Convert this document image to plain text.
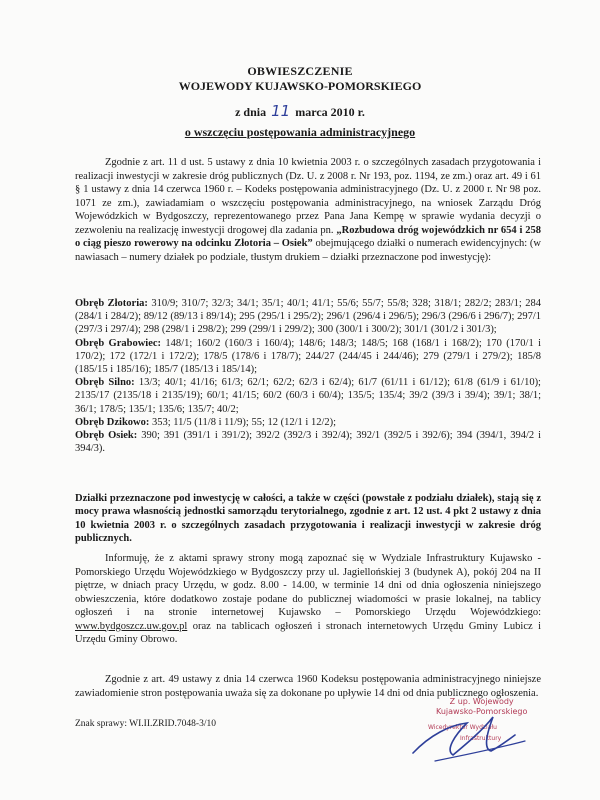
OBWIESZCZENIE
WOJEWODY KUJAWSKO-POMORSKIEGO
z dnia 11 marca 2010 r.
o wszczęciu postępowania administracyjnego
Zgodnie z art. 11 d ust. 5 ustawy z dnia 10 kwietnia 2003 r. o szczególnych zasadach przygotowania i realizacji inwestycji w zakresie dróg publicznych (Dz. U. z 2008 r. Nr 193, poz. 1194, ze zm.) oraz art. 49 i 61 § 1 ustawy z dnia 14 czerwca 1960 r. – Kodeks postępowania administracyjnego (Dz. U. z 2000 r. Nr 98 poz. 1071 ze zm.), zawiadamiam o wszczęciu postępowania administracyjnego, na wniosek Zarządu Dróg Wojewódzkich w Bydgoszczy, reprezentowanego przez Pana Jana Kempę w sprawie wydania decyzji o zezwoleniu na realizację inwestycji drogowej dla zadania pn. „Rozbudowa dróg wojewódzkich nr 654 i 258 o ciąg pieszo rowerowy na odcinku Złotoria – Osiek” obejmującego działki o numerach ewidencyjnych: (w nawiasach – numery działek po podziale, tłustym drukiem – działki przeznaczone pod inwestycję):
Obręb Złotoria: 310/9; 310/7; 32/3; 34/1; 35/1; 40/1; 41/1; 55/6; 55/7; 55/8; 328; 318/1; 282/2; 283/1; 284 (284/1 i 284/2); 89/12 (89/13 i 89/14); 295 (295/1 i 295/2); 296/1 (296/4 i 296/5); 296/3 (296/6 i 296/7); 297/1 (297/3 i 297/4); 298 (298/1 i 298/2); 299 (299/1 i 299/2); 300 (300/1 i 300/2); 301/1 (301/2 i 301/3);
Obręb Grabowiec: 148/1; 160/2 (160/3 i 160/4); 148/6; 148/3; 148/5; 168 (168/1 i 168/2); 170 (170/1 i 170/2); 172 (172/1 i 172/2); 178/5 (178/6 i 178/7); 244/27 (244/45 i 244/46); 279 (279/1 i 279/2); 185/8 (185/15 i 185/16); 185/7 (185/13 i 185/14);
Obręb Silno: 13/3; 40/1; 41/16; 61/3; 62/1; 62/2; 62/3 i 62/4); 61/7 (61/11 i 61/12); 61/8 (61/9 i 61/10); 2135/17 (2135/18 i 2135/19); 60/1; 41/15; 60/2 (60/3 i 60/4); 135/5; 135/4; 39/2 (39/3 i 39/4); 39/1; 38/1; 36/1; 178/5; 135/1; 135/6; 135/7; 40/2;
Obręb Dzikowo: 353; 11/5 (11/8 i 11/9); 55; 12 (12/1 i 12/2);
Obręb Osiek: 390; 391 (391/1 i 391/2); 392/2 (392/3 i 392/4); 392/1 (392/5 i 392/6); 394 (394/1, 394/2 i 394/3).
Działki przeznaczone pod inwestycję w całości, a także w części (powstałe z podziału działek), stają się z mocy prawa własnością jednostki samorządu terytorialnego, zgodnie z art. 12 ust. 4 pkt 2 ustawy z dnia 10 kwietnia 2003 r. o szczególnych zasadach przygotowania i realizacji inwestycji w zakresie dróg publicznych.
Informuję, że z aktami sprawy strony mogą zapoznać się w Wydziale Infrastruktury Kujawsko - Pomorskiego Urzędu Wojewódzkiego w Bydgoszczy przy ul. Jagiellońskiej 3 (budynek A), pokój 204 na II piętrze, w dniach pracy Urzędu, w godz. 8.00 - 14.00, w terminie 14 dni od dnia ogłoszenia niniejszego obwieszczenia, które dodatkowo zostaje podane do publicznej wiadomości w prasie lokalnej, na tablicy ogłoszeń i na stronie internetowej Kujawsko – Pomorskiego Urzędu Wojewódzkiego: www.bydgoszcz.uw.gov.pl oraz na tablicach ogłoszeń i stronach internetowych Urzędu Gminy Lubicz i Urzędu Gminy Obrowo.
Zgodnie z art. 49 ustawy z dnia 14 czerwca 1960 Kodeksu postępowania administracyjnego niniejsze zawiadomienie stron postępowania uważa się za dokonane po upływie 14 dni od dnia publicznego ogłoszenia.
Znak sprawy: WI.II.ZRID.7048-3/10
Z up. Wojewody
Kujawsko-Pomorskiego
Wicedyrektor Wydziału
Infrastruktury
